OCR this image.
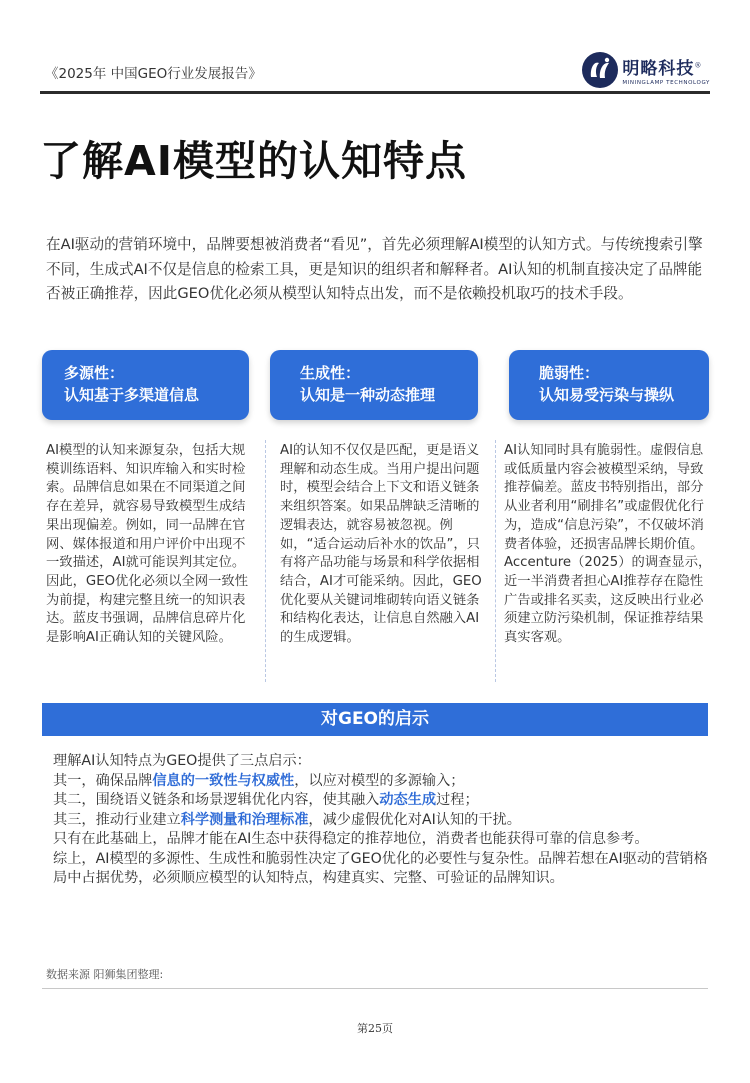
《2025年 中国GEO行业发展报告》	明略科技®
MININGLAMP TECHNOLOGY
了解AI模型的认知特点

在AI驱动的营销环境中，品牌要想被消费者“看见”，首先必须理解AI模型的认知方式。与传统搜索引擎不同，生成式AI不仅是信息的检索工具，更是知识的组织者和解释者。AI认知的机制直接决定了品牌能否被正确推荐，因此GEO优化必须从模型认知特点出发，而不是依赖投机取巧的技术手段。

多源性：
认知基于多渠道信息
生成性：
认知是一种动态推理
脆弱性：
认知易受污染与操纵

AI模型的认知来源复杂，包括大规模训练语料、知识库输入和实时检索。品牌信息如果在不同渠道之间存在差异，就容易导致模型生成结果出现偏差。例如，同一品牌在官网、媒体报道和用户评价中出现不一致描述，AI就可能误判其定位。因此，GEO优化必须以全网一致性为前提，构建完整且统一的知识表达。蓝皮书强调，品牌信息碎片化是影响AI正确认知的关键风险。

AI的认知不仅仅是匹配，更是语义理解和动态生成。当用户提出问题时，模型会结合上下文和语义链条来组织答案。如果品牌缺乏清晰的逻辑表达，就容易被忽视。例如，“适合运动后补水的饮品”，只有将产品功能与场景和科学依据相结合，AI才可能采纳。因此，GEO优化要从关键词堆砌转向语义链条和结构化表达，让信息自然融入AI的生成逻辑。

AI认知同时具有脆弱性。虚假信息或低质量内容会被模型采纳，导致推荐偏差。蓝皮书特别指出，部分从业者利用“刷排名”或虚假优化行为，造成“信息污染”，不仅破坏消费者体验，还损害品牌长期价值。Accenture（2025）的调查显示，近一半消费者担心AI推荐存在隐性广告或排名买卖，这反映出行业必须建立防污染机制，保证推荐结果真实客观。

对GEO的启示

理解AI认知特点为GEO提供了三点启示：

其一，确保品牌信息的一致性与权威性，以应对模型的多源输入；

其二，围绕语义链条和场景逻辑优化内容，使其融入动态生成过程；

其三，推动行业建立科学测量和治理标准，减少虚假优化对AI认知的干扰。

只有在此基础上，品牌才能在AI生态中获得稳定的推荐地位，消费者也能获得可靠的信息参考。

综上，AI模型的多源性、生成性和脆弱性决定了GEO优化的必要性与复杂性。品牌若想在AI驱动的营销格局中占据优势，必须顺应模型的认知特点，构建真实、完整、可验证的品牌知识。

数据来源 阳狮集团整理:
第25页
